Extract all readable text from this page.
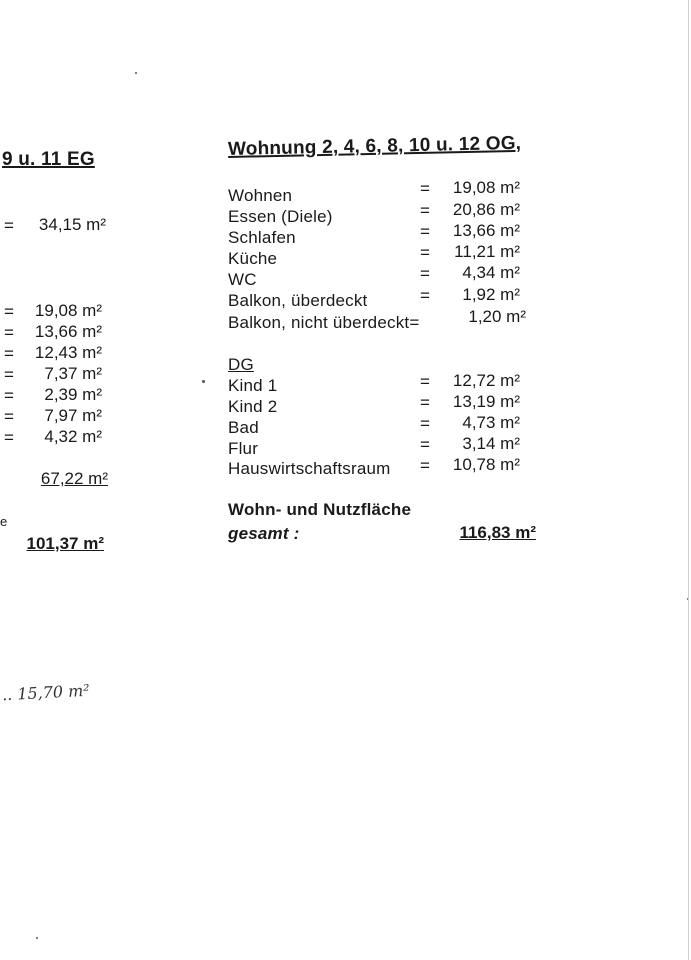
9 u. 11 EG
=	34,15 m²
=	19,08 m²
=	13,66 m²
=	12,43 m²
=	7,37 m²
=	2,39 m²
=	7,97 m²
=	4,32 m²
67,22 m²
e
101,37 m²
.. 15,70 m²
Wohnung 2, 4, 6, 8, 10 u. 12 OG,
Wohnen	=	19,08 m²
Essen (Diele)	=	20,86 m²
Schlafen	=	13,66 m²
Küche	=	11,21 m²
WC	=	4,34 m²
Balkon, überdeckt	=	1,92 m²
Balkon, nicht überdeckt=	1,20 m²
DG
Kind 1	=	12,72 m²
Kind 2	=	13,19 m²
Bad	=	4,73 m²
Flur	=	3,14 m²
Hauswirtschaftsraum =	10,78 m²
Wohn- und Nutzfläche
gesamt :	116,83 m²
